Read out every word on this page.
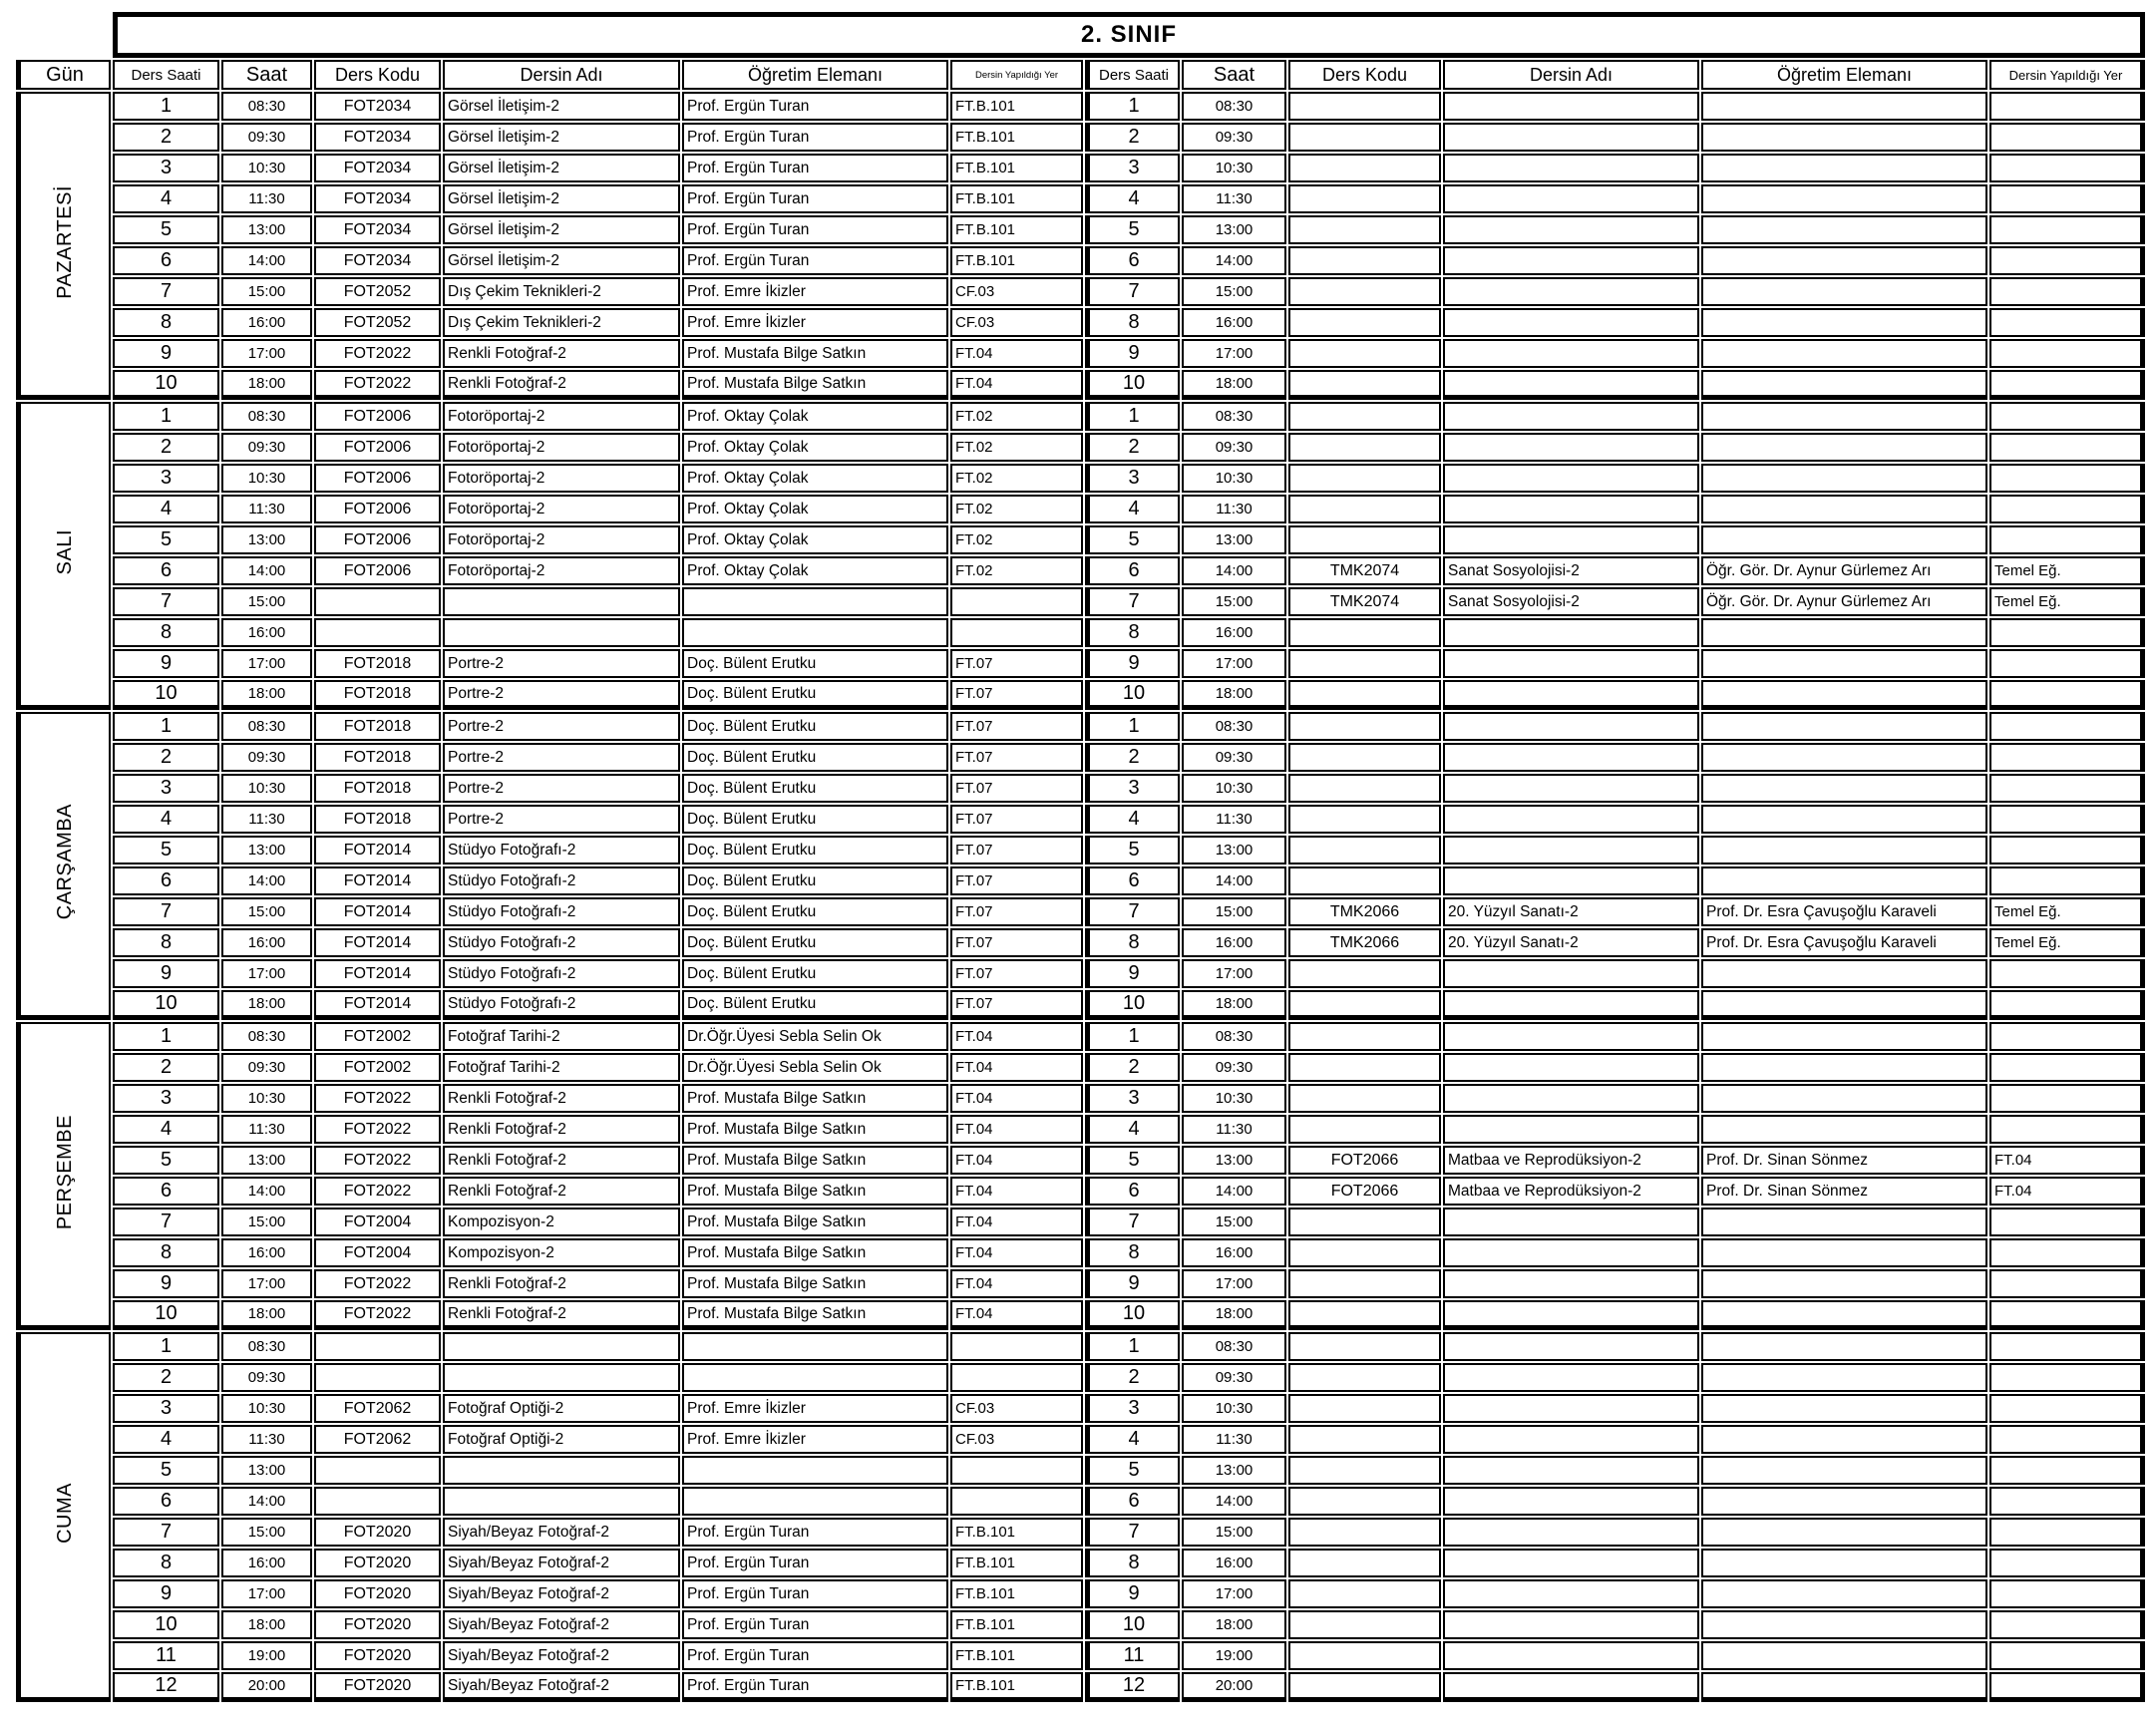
	2. SINIF											
Gün	Ders Saati	Saat	Ders Kodu	Dersin Adı	Öğretim Elemanı	Dersin Yapıldığı Yer	Ders Saati	Saat	Ders Kodu	Dersin Adı	Öğretim Elemanı	Dersin Yapıldığı Yer
PAZARTESİ	1	08:30	FOT2034	Görsel İletişim-2	Prof. Ergün Turan	FT.B.101	1	08:30				
	2	09:30	FOT2034	Görsel İletişim-2	Prof. Ergün Turan	FT.B.101	2	09:30				
	3	10:30	FOT2034	Görsel İletişim-2	Prof. Ergün Turan	FT.B.101	3	10:30				
	4	11:30	FOT2034	Görsel İletişim-2	Prof. Ergün Turan	FT.B.101	4	11:30				
	5	13:00	FOT2034	Görsel İletişim-2	Prof. Ergün Turan	FT.B.101	5	13:00				
	6	14:00	FOT2034	Görsel İletişim-2	Prof. Ergün Turan	FT.B.101	6	14:00				
	7	15:00	FOT2052	Dış Çekim Teknikleri-2	Prof. Emre İkizler	CF.03	7	15:00				
	8	16:00	FOT2052	Dış Çekim Teknikleri-2	Prof. Emre İkizler	CF.03	8	16:00				
	9	17:00	FOT2022	Renkli Fotoğraf-2	Prof. Mustafa Bilge Satkın	FT.04	9	17:00				
	10	18:00	FOT2022	Renkli Fotoğraf-2	Prof. Mustafa Bilge Satkın	FT.04	10	18:00				
SALI	1	08:30	FOT2006	Fotoröportaj-2	Prof. Oktay Çolak	FT.02	1	08:30				
	2	09:30	FOT2006	Fotoröportaj-2	Prof. Oktay Çolak	FT.02	2	09:30				
	3	10:30	FOT2006	Fotoröportaj-2	Prof. Oktay Çolak	FT.02	3	10:30				
	4	11:30	FOT2006	Fotoröportaj-2	Prof. Oktay Çolak	FT.02	4	11:30				
	5	13:00	FOT2006	Fotoröportaj-2	Prof. Oktay Çolak	FT.02	5	13:00				
	6	14:00	FOT2006	Fotoröportaj-2	Prof. Oktay Çolak	FT.02	6	14:00	TMK2074	Sanat Sosyolojisi-2	Öğr. Gör. Dr. Aynur Gürlemez Arı	Temel Eğ.
	7	15:00					7	15:00	TMK2074	Sanat Sosyolojisi-2	Öğr. Gör. Dr. Aynur Gürlemez Arı	Temel Eğ.
	8	16:00					8	16:00				
	9	17:00	FOT2018	Portre-2	Doç. Bülent Erutku	FT.07	9	17:00				
	10	18:00	FOT2018	Portre-2	Doç. Bülent Erutku	FT.07	10	18:00				
ÇARŞAMBA	1	08:30	FOT2018	Portre-2	Doç. Bülent Erutku	FT.07	1	08:30				
	2	09:30	FOT2018	Portre-2	Doç. Bülent Erutku	FT.07	2	09:30				
	3	10:30	FOT2018	Portre-2	Doç. Bülent Erutku	FT.07	3	10:30				
	4	11:30	FOT2018	Portre-2	Doç. Bülent Erutku	FT.07	4	11:30				
	5	13:00	FOT2014	Stüdyo Fotoğrafı-2	Doç. Bülent Erutku	FT.07	5	13:00				
	6	14:00	FOT2014	Stüdyo Fotoğrafı-2	Doç. Bülent Erutku	FT.07	6	14:00				
	7	15:00	FOT2014	Stüdyo Fotoğrafı-2	Doç. Bülent Erutku	FT.07	7	15:00	TMK2066	20. Yüzyıl Sanatı-2	Prof. Dr. Esra Çavuşoğlu Karaveli	Temel Eğ.
	8	16:00	FOT2014	Stüdyo Fotoğrafı-2	Doç. Bülent Erutku	FT.07	8	16:00	TMK2066	20. Yüzyıl Sanatı-2	Prof. Dr. Esra Çavuşoğlu Karaveli	Temel Eğ.
	9	17:00	FOT2014	Stüdyo Fotoğrafı-2	Doç. Bülent Erutku	FT.07	9	17:00				
	10	18:00	FOT2014	Stüdyo Fotoğrafı-2	Doç. Bülent Erutku	FT.07	10	18:00				
PERŞEMBE	1	08:30	FOT2002	Fotoğraf Tarihi-2	Dr.Öğr.Üyesi Sebla Selin Ok	FT.04	1	08:30				
	2	09:30	FOT2002	Fotoğraf Tarihi-2	Dr.Öğr.Üyesi Sebla Selin Ok	FT.04	2	09:30				
	3	10:30	FOT2022	Renkli Fotoğraf-2	Prof. Mustafa Bilge Satkın	FT.04	3	10:30				
	4	11:30	FOT2022	Renkli Fotoğraf-2	Prof. Mustafa Bilge Satkın	FT.04	4	11:30				
	5	13:00	FOT2022	Renkli Fotoğraf-2	Prof. Mustafa Bilge Satkın	FT.04	5	13:00	FOT2066	Matbaa ve Reprodüksiyon-2	Prof. Dr. Sinan Sönmez	FT.04
	6	14:00	FOT2022	Renkli Fotoğraf-2	Prof. Mustafa Bilge Satkın	FT.04	6	14:00	FOT2066	Matbaa ve Reprodüksiyon-2	Prof. Dr. Sinan Sönmez	FT.04
	7	15:00	FOT2004	Kompozisyon-2	Prof. Mustafa Bilge Satkın	FT.04	7	15:00				
	8	16:00	FOT2004	Kompozisyon-2	Prof. Mustafa Bilge Satkın	FT.04	8	16:00				
	9	17:00	FOT2022	Renkli Fotoğraf-2	Prof. Mustafa Bilge Satkın	FT.04	9	17:00				
	10	18:00	FOT2022	Renkli Fotoğraf-2	Prof. Mustafa Bilge Satkın	FT.04	10	18:00				
CUMA	1	08:30					1	08:30				
	2	09:30					2	09:30				
	3	10:30	FOT2062	Fotoğraf Optiği-2	Prof. Emre İkizler	CF.03	3	10:30				
	4	11:30	FOT2062	Fotoğraf Optiği-2	Prof. Emre İkizler	CF.03	4	11:30				
	5	13:00					5	13:00				
	6	14:00					6	14:00				
	7	15:00	FOT2020	Siyah/Beyaz Fotoğraf-2	Prof. Ergün Turan	FT.B.101	7	15:00				
	8	16:00	FOT2020	Siyah/Beyaz Fotoğraf-2	Prof. Ergün Turan	FT.B.101	8	16:00				
	9	17:00	FOT2020	Siyah/Beyaz Fotoğraf-2	Prof. Ergün Turan	FT.B.101	9	17:00				
	10	18:00	FOT2020	Siyah/Beyaz Fotoğraf-2	Prof. Ergün Turan	FT.B.101	10	18:00				
	11	19:00	FOT2020	Siyah/Beyaz Fotoğraf-2	Prof. Ergün Turan	FT.B.101	11	19:00				
	12	20:00	FOT2020	Siyah/Beyaz Fotoğraf-2	Prof. Ergün Turan	FT.B.101	12	20:00				
